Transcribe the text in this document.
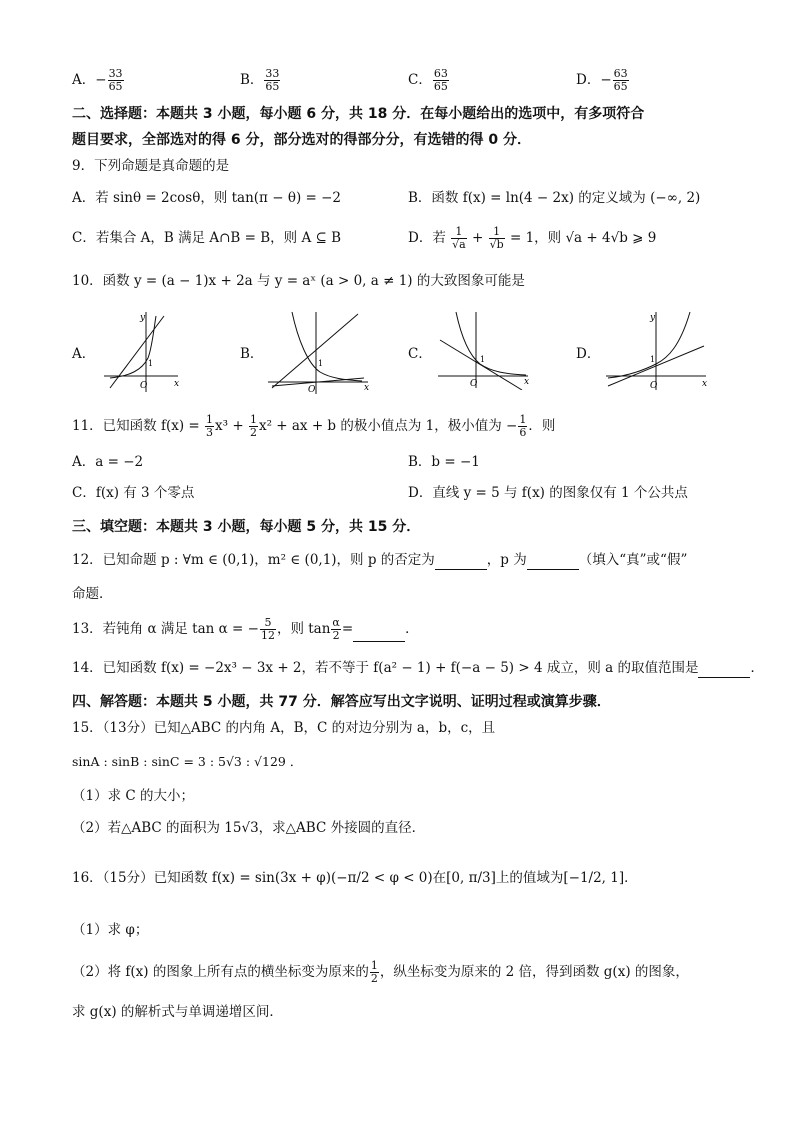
A．− $\frac{33}{65}$	B． $\frac{33}{65}$	C． $\frac{63}{65}$	D．− $\frac{63}{65}$
二、选择题：本题共 3 小题，每小题 6 分，共 18 分．在每小题给出的选项中，有多项符合
题目要求，全部选对的得 6 分，部分选对的得部分分，有选错的得 0 分．
9．下列命题是真命题的是
A．若 sinθ = 2cosθ，则 tan(π − θ) = −2	B．函数 f(x) = ln(4 − 2x) 的定义域为 (−∞, 2)
C．若集合 A，B 满足 A∩B = B，则 A ⊆ B	D．若 $\frac{1}{√a} + \frac{1}{√b} = 1$，则 √a + 4√b ⩾ 9
10．函数 y = (a − 1)x + 2a 与 y = aˣ (a > 0, a ≠ 1) 的大致图象可能是
A．	B．	C．	D．
y
x
O
1
x
O
1
x
O
1
y
x
O
1
11．已知函数 $f(x) = \frac{1}{3} x^3 + \frac{1}{2} x^2$ + ax + b 的极小值点为 1，极小值为 − $\frac{1}{6}$ ．则
A．a = −2	B．b = −1
C．f(x) 有 3 个零点	D．直线 y = 5 与 f(x) 的图象仅有 1 个公共点
三、填空题：本题共 3 小题，每小题 5 分，共 15 分．
12．已知命题 p : ∀m ∈ (0,1)，m² ∈ (0,1)，则 p 的否定为	，p 为	（填入“真”或“假”
命题．
13．若钝角 α 满足 tan α = − $\frac{5}{12}$ ，则 $\tan \frac{\alpha}{2}$ =	．
14．已知函数 f(x) = −2x³ − 3x + 2，若不等于 f(a² − 1) + f(−a − 5) > 4 成立，则 a 的取值范围是	．
四、解答题：本题共 5 小题，共 77 分．解答应写出文字说明、证明过程或演算步骤．
15．（13分）已知△ABC 的内角 A，B，C 的对边分别为 a，b，c，且
sinA : sinB : sinC = 3 : 5√3 : √129 ．
（1）求 C 的大小；
（2）若△ABC 的面积为 15√3，求△ABC 外接圆的直径．
16．（15分）已知函数 f(x) = sin(3x + φ)(−π/2 < φ < 0)在[0, π/3]上的值域为[−1/2, 1]．
（1）求 φ；
（2）将 f(x) 的图象上所有点的横坐标变为原来的 $\frac{1}{2}$ ，纵坐标变为原来的 2 倍，得到函数 g(x) 的图象，
求 g(x) 的解析式与单调递增区间．
